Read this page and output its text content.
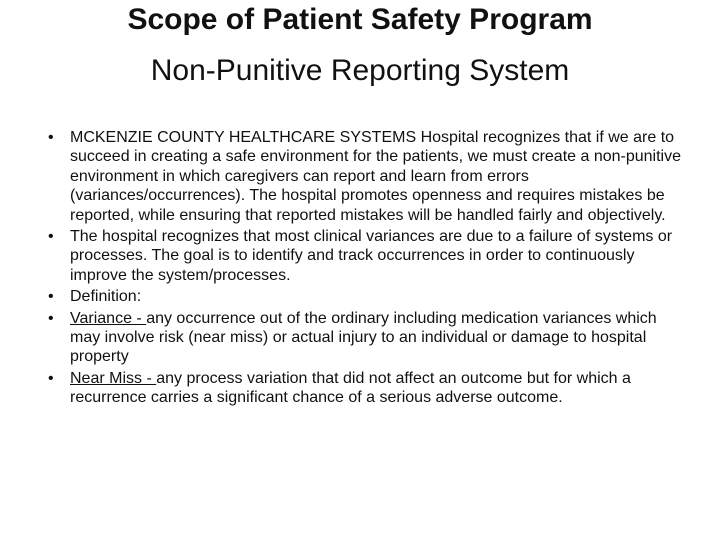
Scope of Patient Safety Program
Non-Punitive Reporting System
•	MCKENZIE COUNTY HEALTHCARE SYSTEMS Hospital recognizes that if we are to succeed in creating a safe environment for the patients, we must create a non-punitive environment in which caregivers can report and learn from errors (variances/occurrences). The hospital promotes openness and requires mistakes be reported, while ensuring that reported mistakes will be handled fairly and objectively.
•	The hospital recognizes that most clinical variances are due to a failure of systems or processes. The goal is to identify and track occurrences in order to continuously improve the system/processes.
•	Definition:
•	Variance - any occurrence out of the ordinary including medication variances which may involve risk (near miss) or actual injury to an individual or damage to hospital property
•	Near Miss - any process variation that did not affect an outcome but for which a recurrence carries a significant chance of a serious adverse outcome.
